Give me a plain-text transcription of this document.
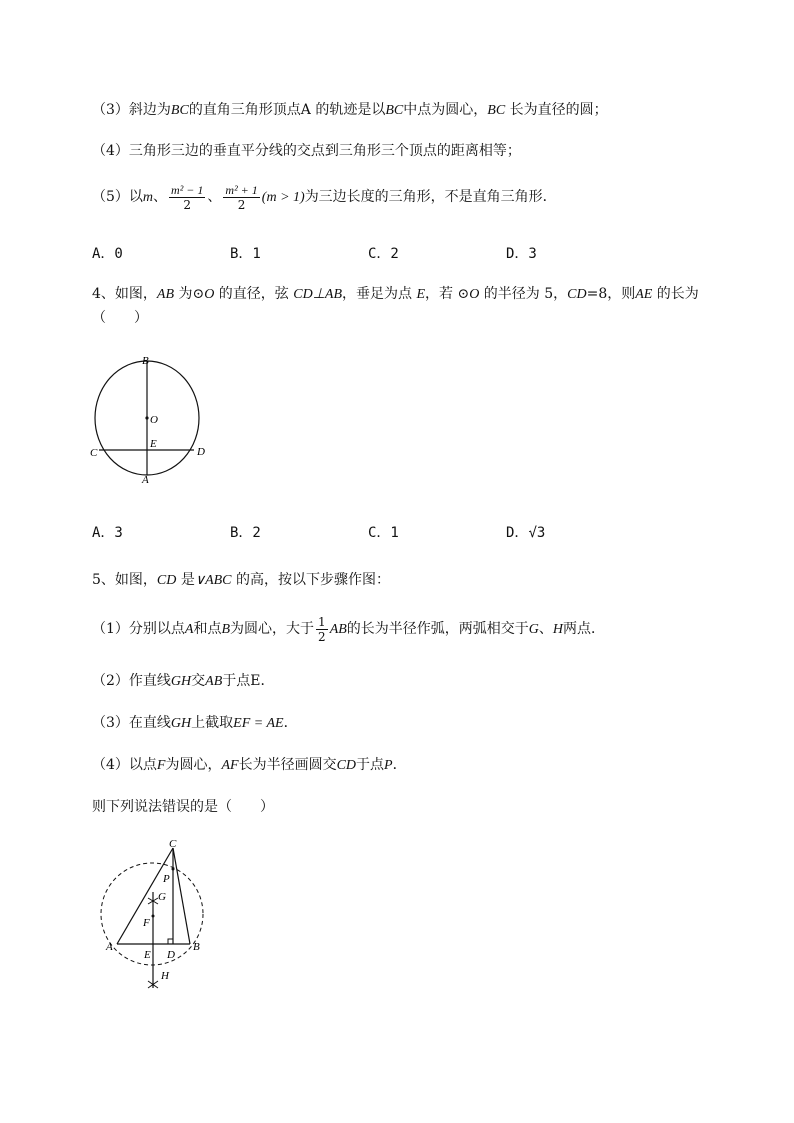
（3）斜边为BC的直角三角形顶点A 的轨迹是以BC中点为圆心，BC 长为直径的圆；
（4）三角形三边的垂直平分线的交点到三角形三个顶点的距离相等；
（5）以m、 $\frac{\text{m² − 1}}{2}$ 、 $\frac{\text{m² + 1}}{2} (m > 1)$为三边长度的三角形，不是直角三角形．
A．0	B．1	C．2	D．3
4、如图，AB 为⊙O 的直径，弦 CD⊥AB，垂足为点 E，若 ⊙O 的半径为 5，CD=8，则AE 的长为
（　　）
B
O
E
C	D
A
A．3	B．2	C．1	D．√3
5、如图，CD 是∨ABC 的高，按以下步骤作图：
（1）分别以点A和点B为圆心，大于 $\frac{1}{2}$ AB的长为半径作弧，两弧相交于G、H两点．
（2）作直线GH交AB于点E．
（3）在直线GH上截取EF = AE．
（4）以点F为圆心，AF长为半径画圆交CD于点P．
则下列说法错误的是（　　）
C
P
G
F
A
E D
B
H
